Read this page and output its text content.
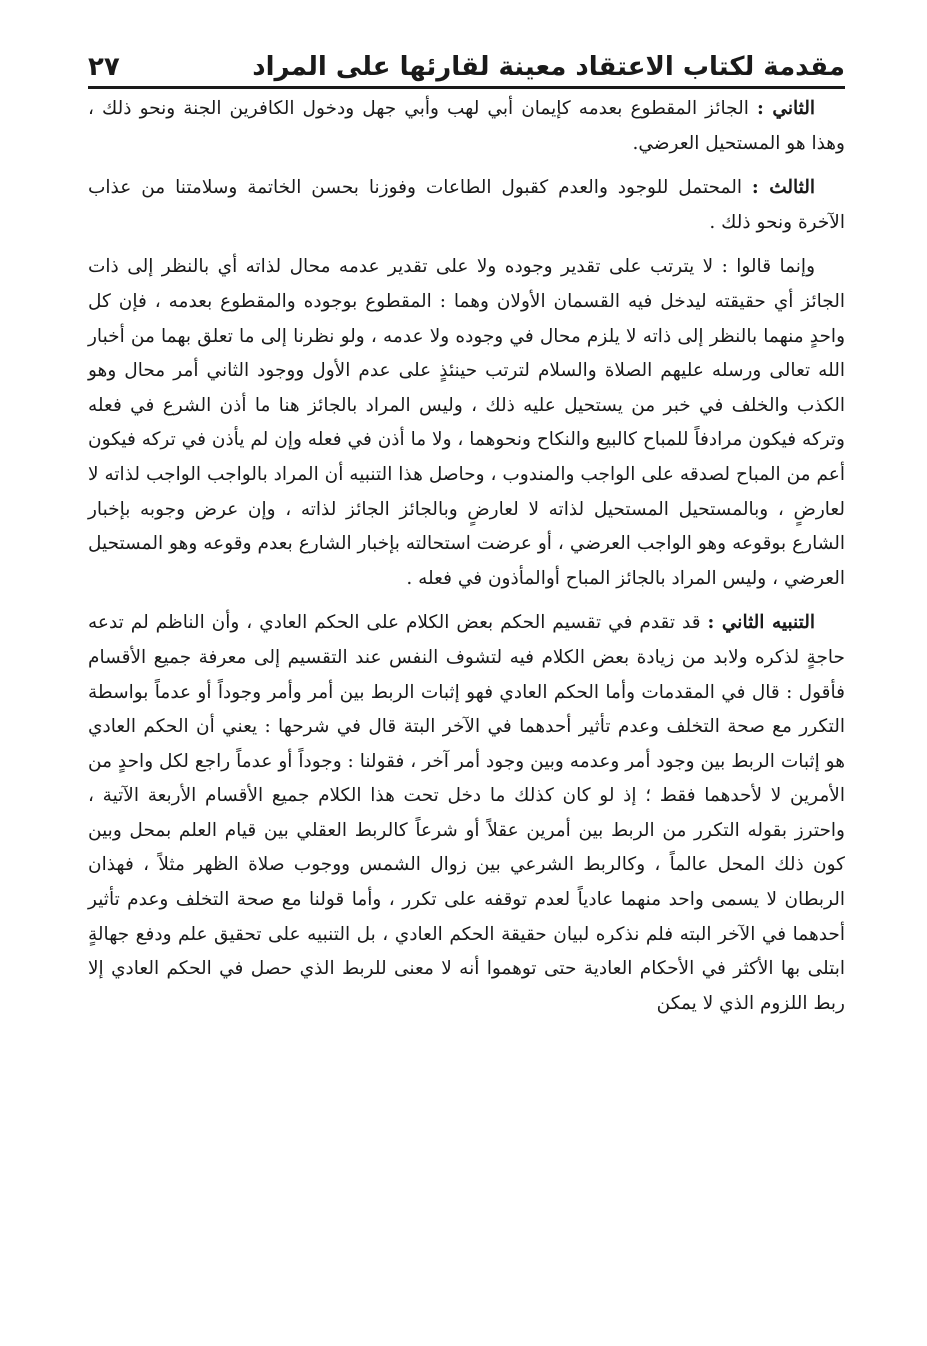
مقدمة لكتاب الاعتقاد معينة لقارئها على المراد
٢٧

الثاني : الجائز المقطوع بعدمه كإيمان أبي لهب وأبي جهل ودخول الكافرين الجنة ونحو ذلك ، وهذا هو المستحيل العرضي.

الثالث : المحتمل للوجود والعدم كقبول الطاعات وفوزنا بحسن الخاتمة وسلامتنا من عذاب الآخرة ونحو ذلك .

وإنما قالوا : لا يترتب على تقدير وجوده ولا على تقدير عدمه محال لذاته أي بالنظر إلى ذات الجائز أي حقيقته ليدخل فيه القسمان الأولان وهما : المقطوع بوجوده والمقطوع بعدمه ، فإن كل واحدٍ منهما بالنظر إلى ذاته لا يلزم محال في وجوده ولا عدمه ، ولو نظرنا إلى ما تعلق بهما من أخبار الله تعالى ورسله عليهم الصلاة والسلام لترتب حينئذٍ على عدم الأول ووجود الثاني أمر محال وهو الكذب والخلف في خبر من يستحيل عليه ذلك ، وليس المراد بالجائز هنا ما أذن الشرع في فعله وتركه فيكون مرادفاً للمباح كالبيع والنكاح ونحوهما ، ولا ما أذن في فعله وإن لم يأذن في تركه فيكون أعم من المباح لصدقه على الواجب والمندوب ، وحاصل هذا التنبيه أن المراد بالواجب الواجب لذاته لا لعارضٍ ، وبالمستحيل المستحيل لذاته لا لعارضٍ وبالجائز الجائز لذاته ، وإن عرض وجوبه بإخبار الشارع بوقوعه وهو الواجب العرضي ، أو عرضت استحالته بإخبار الشارع بعدم وقوعه وهو المستحيل العرضي ، وليس المراد بالجائز المباح أوالمأذون في فعله .

التنبيه الثاني : قد تقدم في تقسيم الحكم بعض الكلام على الحكم العادي ، وأن الناظم لم تدعه حاجةٍ لذكره ولابد من زيادة بعض الكلام فيه لتشوف النفس عند التقسيم إلى معرفة جميع الأقسام فأقول : قال في المقدمات وأما الحكم العادي فهو إثبات الربط بين أمر وأمر وجوداً أو عدماً بواسطة التكرر مع صحة التخلف وعدم تأثير أحدهما في الآخر البتة قال في شرحها : يعني أن الحكم العادي هو إثبات الربط بين وجود أمر وعدمه وبين وجود أمر آخر ، فقولنا : وجوداً أو عدماً راجع لكل واحدٍ من الأمرين لا لأحدهما فقط ؛ إذ لو كان كذلك ما دخل تحت هذا الكلام جميع الأقسام الأربعة الآتية ، واحترز بقوله التكرر من الربط بين أمرين عقلاً أو شرعاً كالربط العقلي بين قيام العلم بمحل وبين كون ذلك المحل عالماً ، وكالربط الشرعي بين زوال الشمس ووجوب صلاة الظهر مثلاً ، فهذان الربطان لا يسمى واحد منهما عادياً لعدم توقفه على تكرر ، وأما قولنا مع صحة التخلف وعدم تأثير أحدهما في الآخر البته فلم نذكره لبيان حقيقة الحكم العادي ، بل التنبيه على تحقيق علم ودفع جهالةٍ ابتلى بها الأكثر في الأحكام العادية حتى توهموا أنه لا معنى للربط الذي حصل في الحكم العادي إلا ربط اللزوم الذي لا يمكن
